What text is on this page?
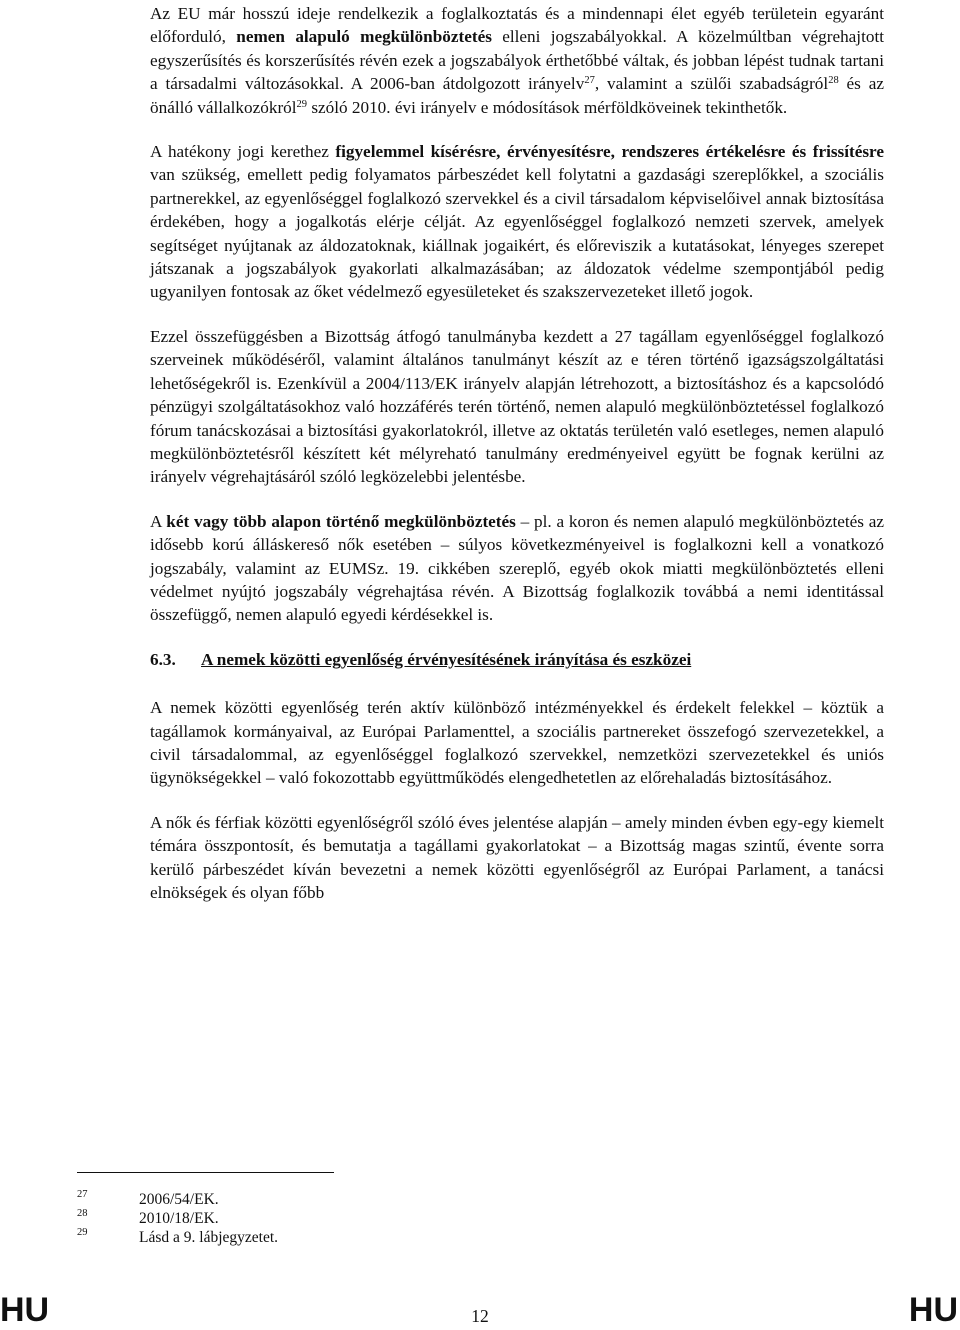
Az EU már hosszú ideje rendelkezik a foglalkoztatás és a mindennapi élet egyéb területein egyaránt előforduló, nemen alapuló megkülönböztetés elleni jogszabályokkal. A közelmúltban végrehajtott egyszerűsítés és korszerűsítés révén ezek a jogszabályok érthetőbbé váltak, és jobban lépést tudnak tartani a társadalmi változásokkal. A 2006-ban átdolgozott irányelv$^{27}$, valamint a szülői szabadságról$^{28}$ és az önálló vállalkozókról$^{29}$ szóló 2010. évi irányelv e módosítások mérföldköveinek tekinthetők.

A hatékony jogi kerethez figyelemmel kísérésre, érvényesítésre, rendszeres értékelésre és frissítésre van szükség, emellett pedig folyamatos párbeszédet kell folytatni a gazdasági szereplőkkel, a szociális partnerekkel, az egyenlőséggel foglalkozó szervekkel és a civil társadalom képviselőivel annak biztosítása érdekében, hogy a jogalkotás elérje célját. Az egyenlőséggel foglalkozó nemzeti szervek, amelyek segítséget nyújtanak az áldozatoknak, kiállnak jogaikért, és előreviszik a kutatásokat, lényeges szerepet játszanak a jogszabályok gyakorlati alkalmazásában; az áldozatok védelme szempontjából pedig ugyanilyen fontosak az őket védelmező egyesületeket és szakszervezeteket illető jogok.

Ezzel összefüggésben a Bizottság átfogó tanulmányba kezdett a 27 tagállam egyenlőséggel foglalkozó szerveinek működéséről, valamint általános tanulmányt készít az e téren történő igazságszolgáltatási lehetőségekről is. Ezenkívül a 2004/113/EK irányelv alapján létrehozott, a biztosításhoz és a kapcsolódó pénzügyi szolgáltatásokhoz való hozzáférés terén történő, nemen alapuló megkülönböztetéssel foglalkozó fórum tanácskozásai a biztosítási gyakorlatokról, illetve az oktatás területén való esetleges, nemen alapuló megkülönböztetésről készített két mélyreható tanulmány eredményeivel együtt be fognak kerülni az irányelv végrehajtásáról szóló legközelebbi jelentésbe.

A két vagy több alapon történő megkülönböztetés – pl. a koron és nemen alapuló megkülönböztetés az idősebb korú álláskereső nők esetében – súlyos következményeivel is foglalkozni kell a vonatkozó jogszabály, valamint az EUMSz. 19. cikkében szereplő, egyéb okok miatti megkülönböztetés elleni védelmet nyújtó jogszabály végrehajtása révén. A Bizottság foglalkozik továbbá a nemi identitással összefüggő, nemen alapuló egyedi kérdésekkel is.

6.3.	A nemek közötti egyenlőség érvényesítésének irányítása és eszközei

A nemek közötti egyenlőség terén aktív különböző intézményekkel és érdekelt felekkel – köztük a tagállamok kormányaival, az Európai Parlamenttel, a szociális partnereket összefogó szervezetekkel, a civil társadalommal, az egyenlőséggel foglalkozó szervekkel, nemzetközi szervezetekkel és uniós ügynökségekkel – való fokozottabb együttműködés elengedhetetlen az előrehaladás biztosításához.

A nők és férfiak közötti egyenlőségről szóló éves jelentése alapján – amely minden évben egy-egy kiemelt témára összpontosít, és bemutatja a tagállami gyakorlatokat – a Bizottság magas szintű, évente sorra kerülő párbeszédet kíván bevezetni a nemek közötti egyenlőségről az Európai Parlament, a tanácsi elnökségek és olyan főbb

27	2006/54/EK.
28	2010/18/EK.
29	Lásd a 9. lábjegyzetet.
HU	12	HU
